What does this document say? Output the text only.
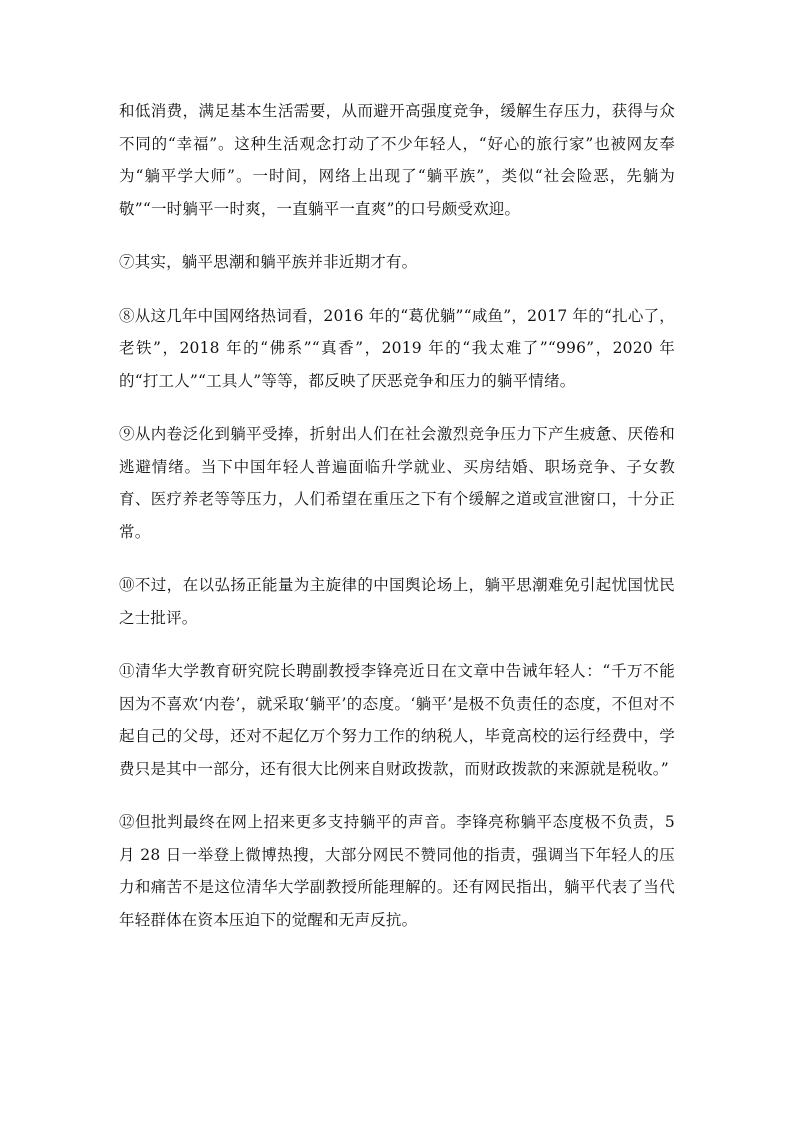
和低消费，满足基本生活需要，从而避开高强度竞争，缓解生存压力，获得与众不同的“幸福”。这种生活观念打动了不少年轻人，“好心的旅行家”也被网友奉为“躺平学大师”。一时间，网络上出现了“躺平族”，类似“社会险恶，先躺为敬”“一时躺平一时爽，一直躺平一直爽”的口号颇受欢迎。

⑦其实，躺平思潮和躺平族并非近期才有。

⑧从这几年中国网络热词看，2016 年的“葛优躺”“咸鱼”，2017 年的“扎心了，老铁”，2018 年的“佛系”“真香”，2019 年的“我太难了”“996”，2020 年的“打工人”“工具人”等等，都反映了厌恶竞争和压力的躺平情绪。

⑨从内卷泛化到躺平受捧，折射出人们在社会激烈竞争压力下产生疲惫、厌倦和逃避情绪。当下中国年轻人普遍面临升学就业、买房结婚、职场竞争、子女教育、医疗养老等等压力，人们希望在重压之下有个缓解之道或宣泄窗口，十分正常。

⑩不过，在以弘扬正能量为主旋律的中国舆论场上，躺平思潮难免引起忧国忧民之士批评。

⑪清华大学教育研究院长聘副教授李锋亮近日在文章中告诫年轻人：“千万不能因为不喜欢‘内卷’，就采取‘躺平’的态度。‘躺平’是极不负责任的态度，不但对不起自己的父母，还对不起亿万个努力工作的纳税人，毕竟高校的运行经费中，学费只是其中一部分，还有很大比例来自财政拨款，而财政拨款的来源就是税收。”

⑫但批判最终在网上招来更多支持躺平的声音。李锋亮称躺平态度极不负责，5 月 28 日一举登上微博热搜，大部分网民不赞同他的指责，强调当下年轻人的压力和痛苦不是这位清华大学副教授所能理解的。还有网民指出，躺平代表了当代年轻群体在资本压迫下的觉醒和无声反抗。
